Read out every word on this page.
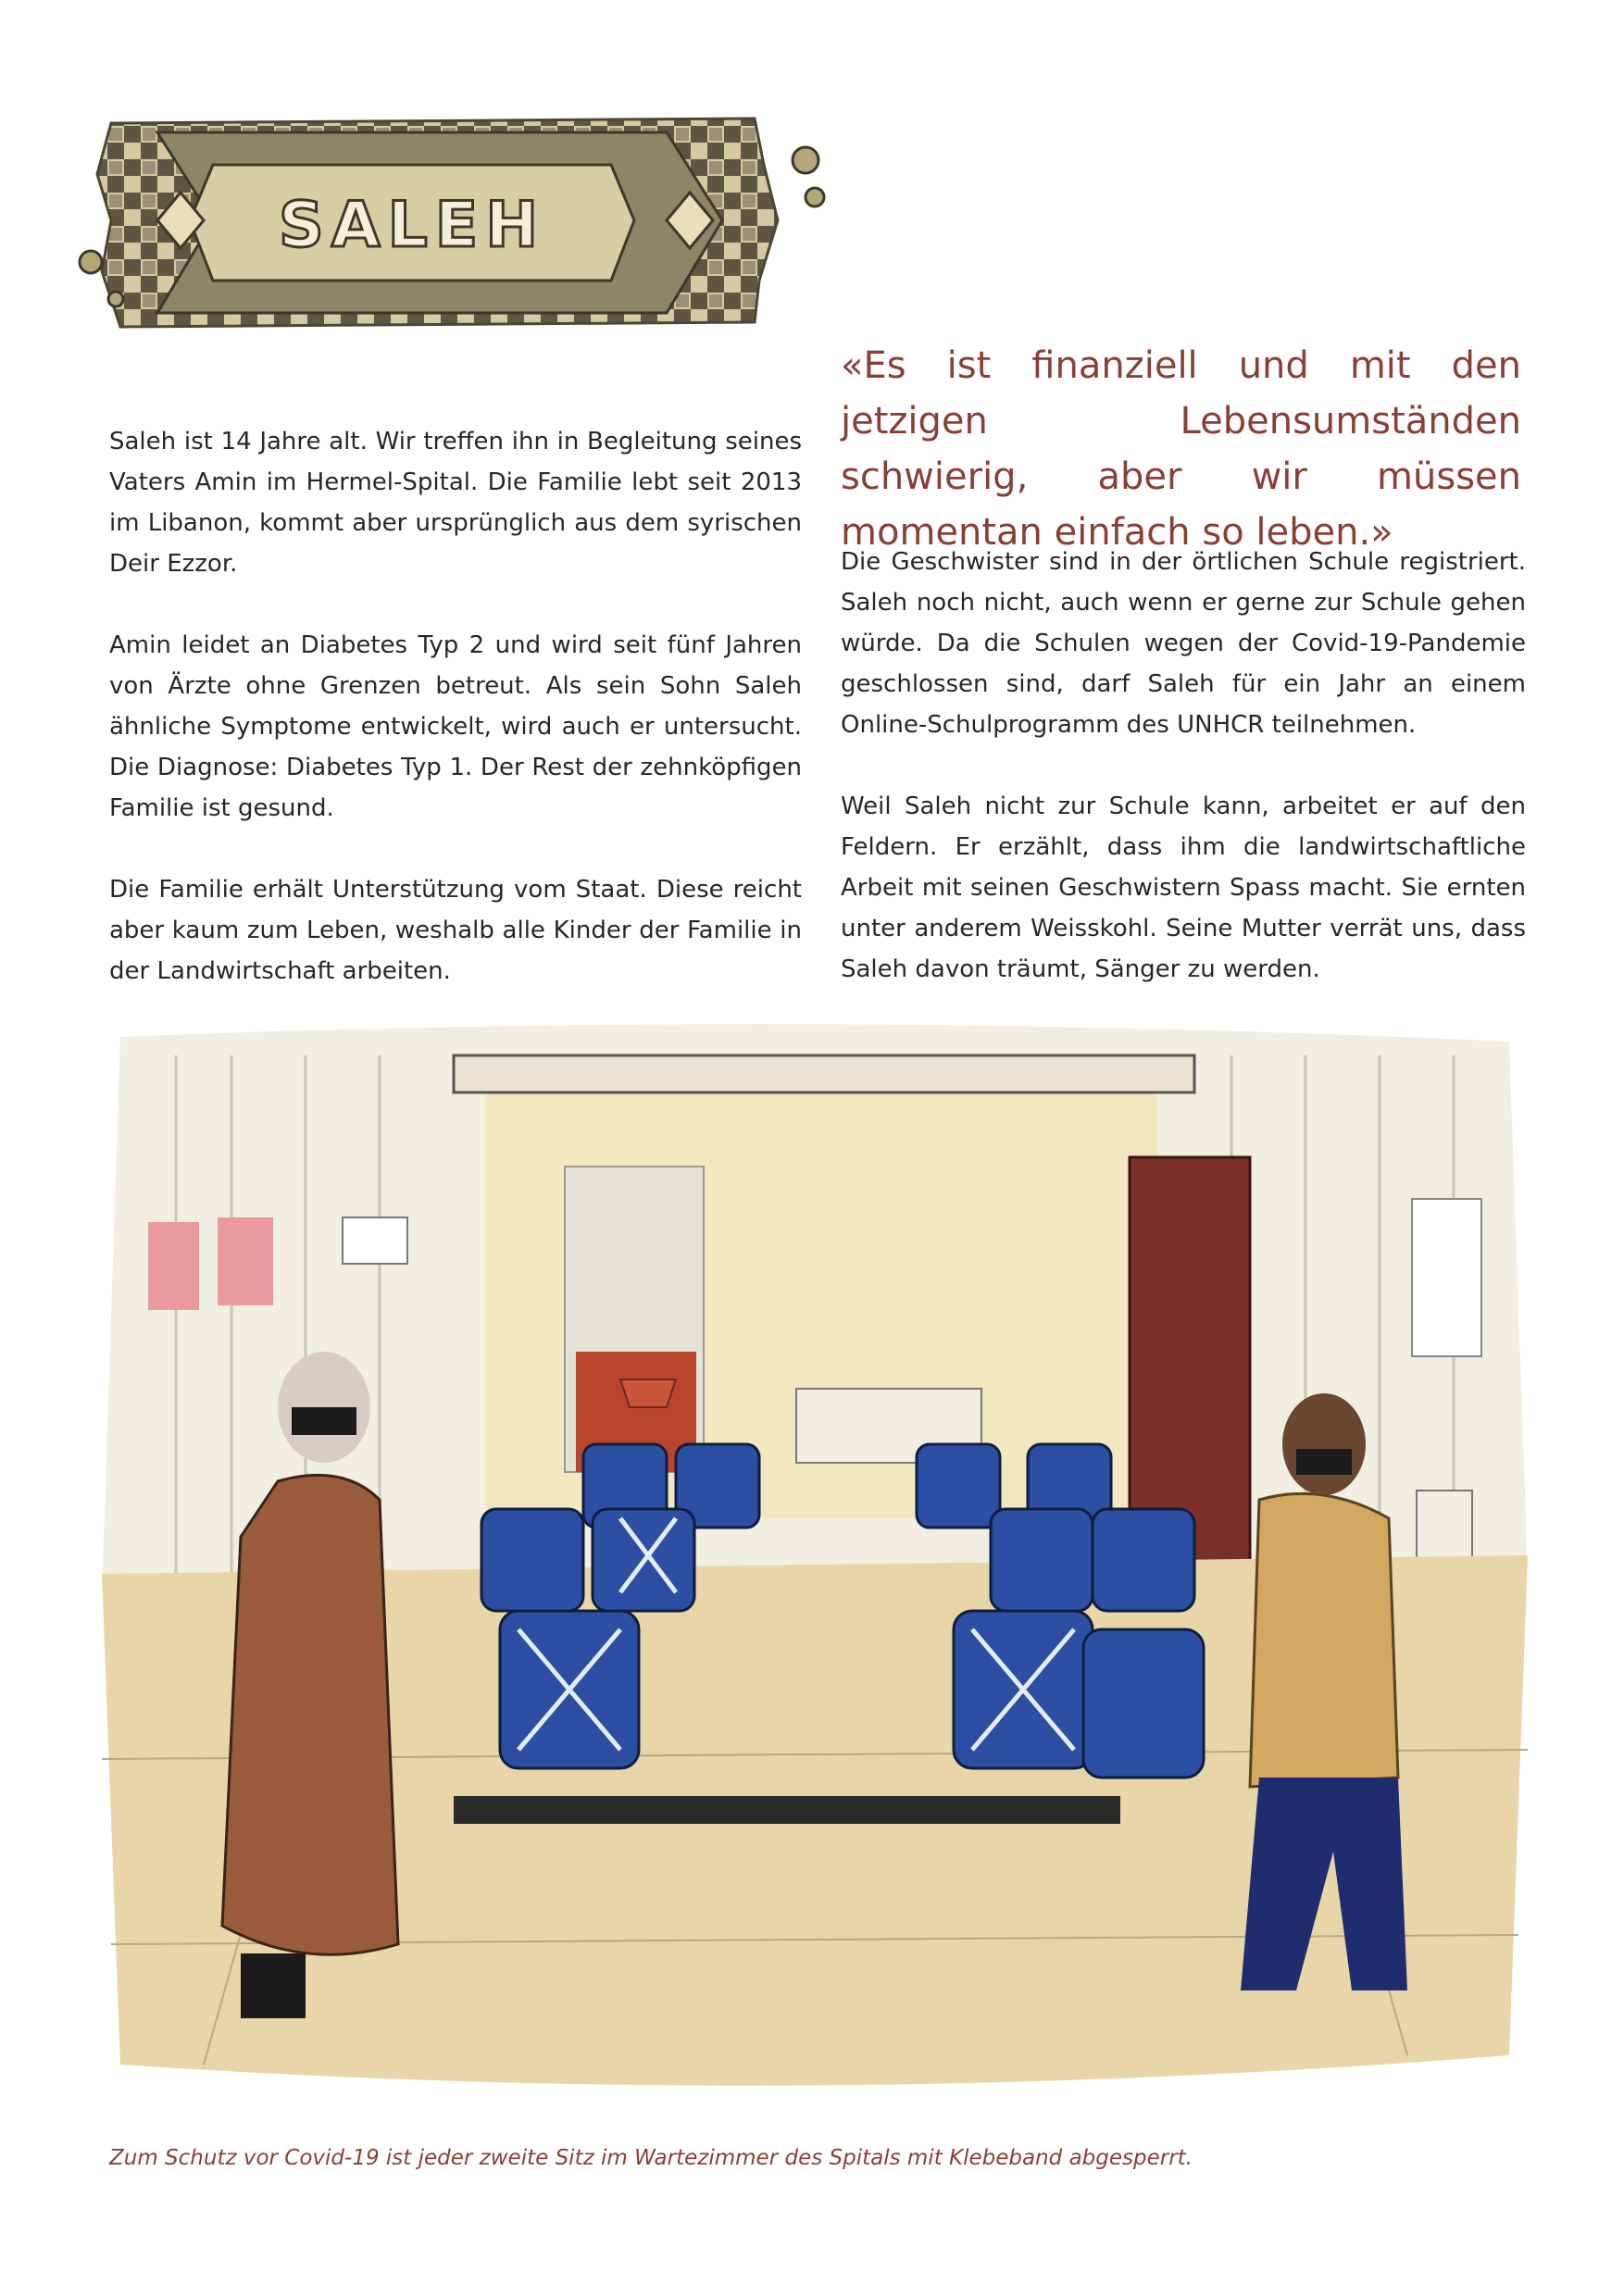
SALEH
«Es ist finanziell und mit den jetzigen Lebensumständen schwierig, aber wir müssen momentan einfach so leben.»

Saleh ist 14 Jahre alt. Wir treffen ihn in Begleitung seines Vaters Amin im Hermel-Spital. Die Familie lebt seit 2013 im Libanon, kommt aber ursprünglich aus dem syrischen Deir Ezzor.

Amin leidet an Diabetes Typ 2 und wird seit fünf Jahren von Ärzte ohne Grenzen betreut. Als sein Sohn Saleh ähnliche Symptome entwickelt, wird auch er untersucht. Die Diagnose: Diabetes Typ 1. Der Rest der zehnköpfigen Familie ist gesund.

Die Familie erhält Unterstützung vom Staat. Diese reicht aber kaum zum Leben, weshalb alle Kinder der Familie in der Landwirtschaft arbeiten.

Die Geschwister sind in der örtlichen Schule registriert. Saleh noch nicht, auch wenn er gerne zur Schule gehen würde. Da die Schulen wegen der Covid-19-Pandemie geschlossen sind, darf Saleh für ein Jahr an einem Online-Schulprogramm des UNHCR teilnehmen.

Weil Saleh nicht zur Schule kann, arbeitet er auf den Feldern. Er erzählt, dass ihm die landwirtschaftliche Arbeit mit seinen Geschwistern Spass macht. Sie ernten unter anderem Weisskohl. Seine Mutter verrät uns, dass Saleh davon träumt, Sänger zu werden.

Zum Schutz vor Covid-19 ist jeder zweite Sitz im Wartezimmer des Spitals mit Klebeband abgesperrt.
